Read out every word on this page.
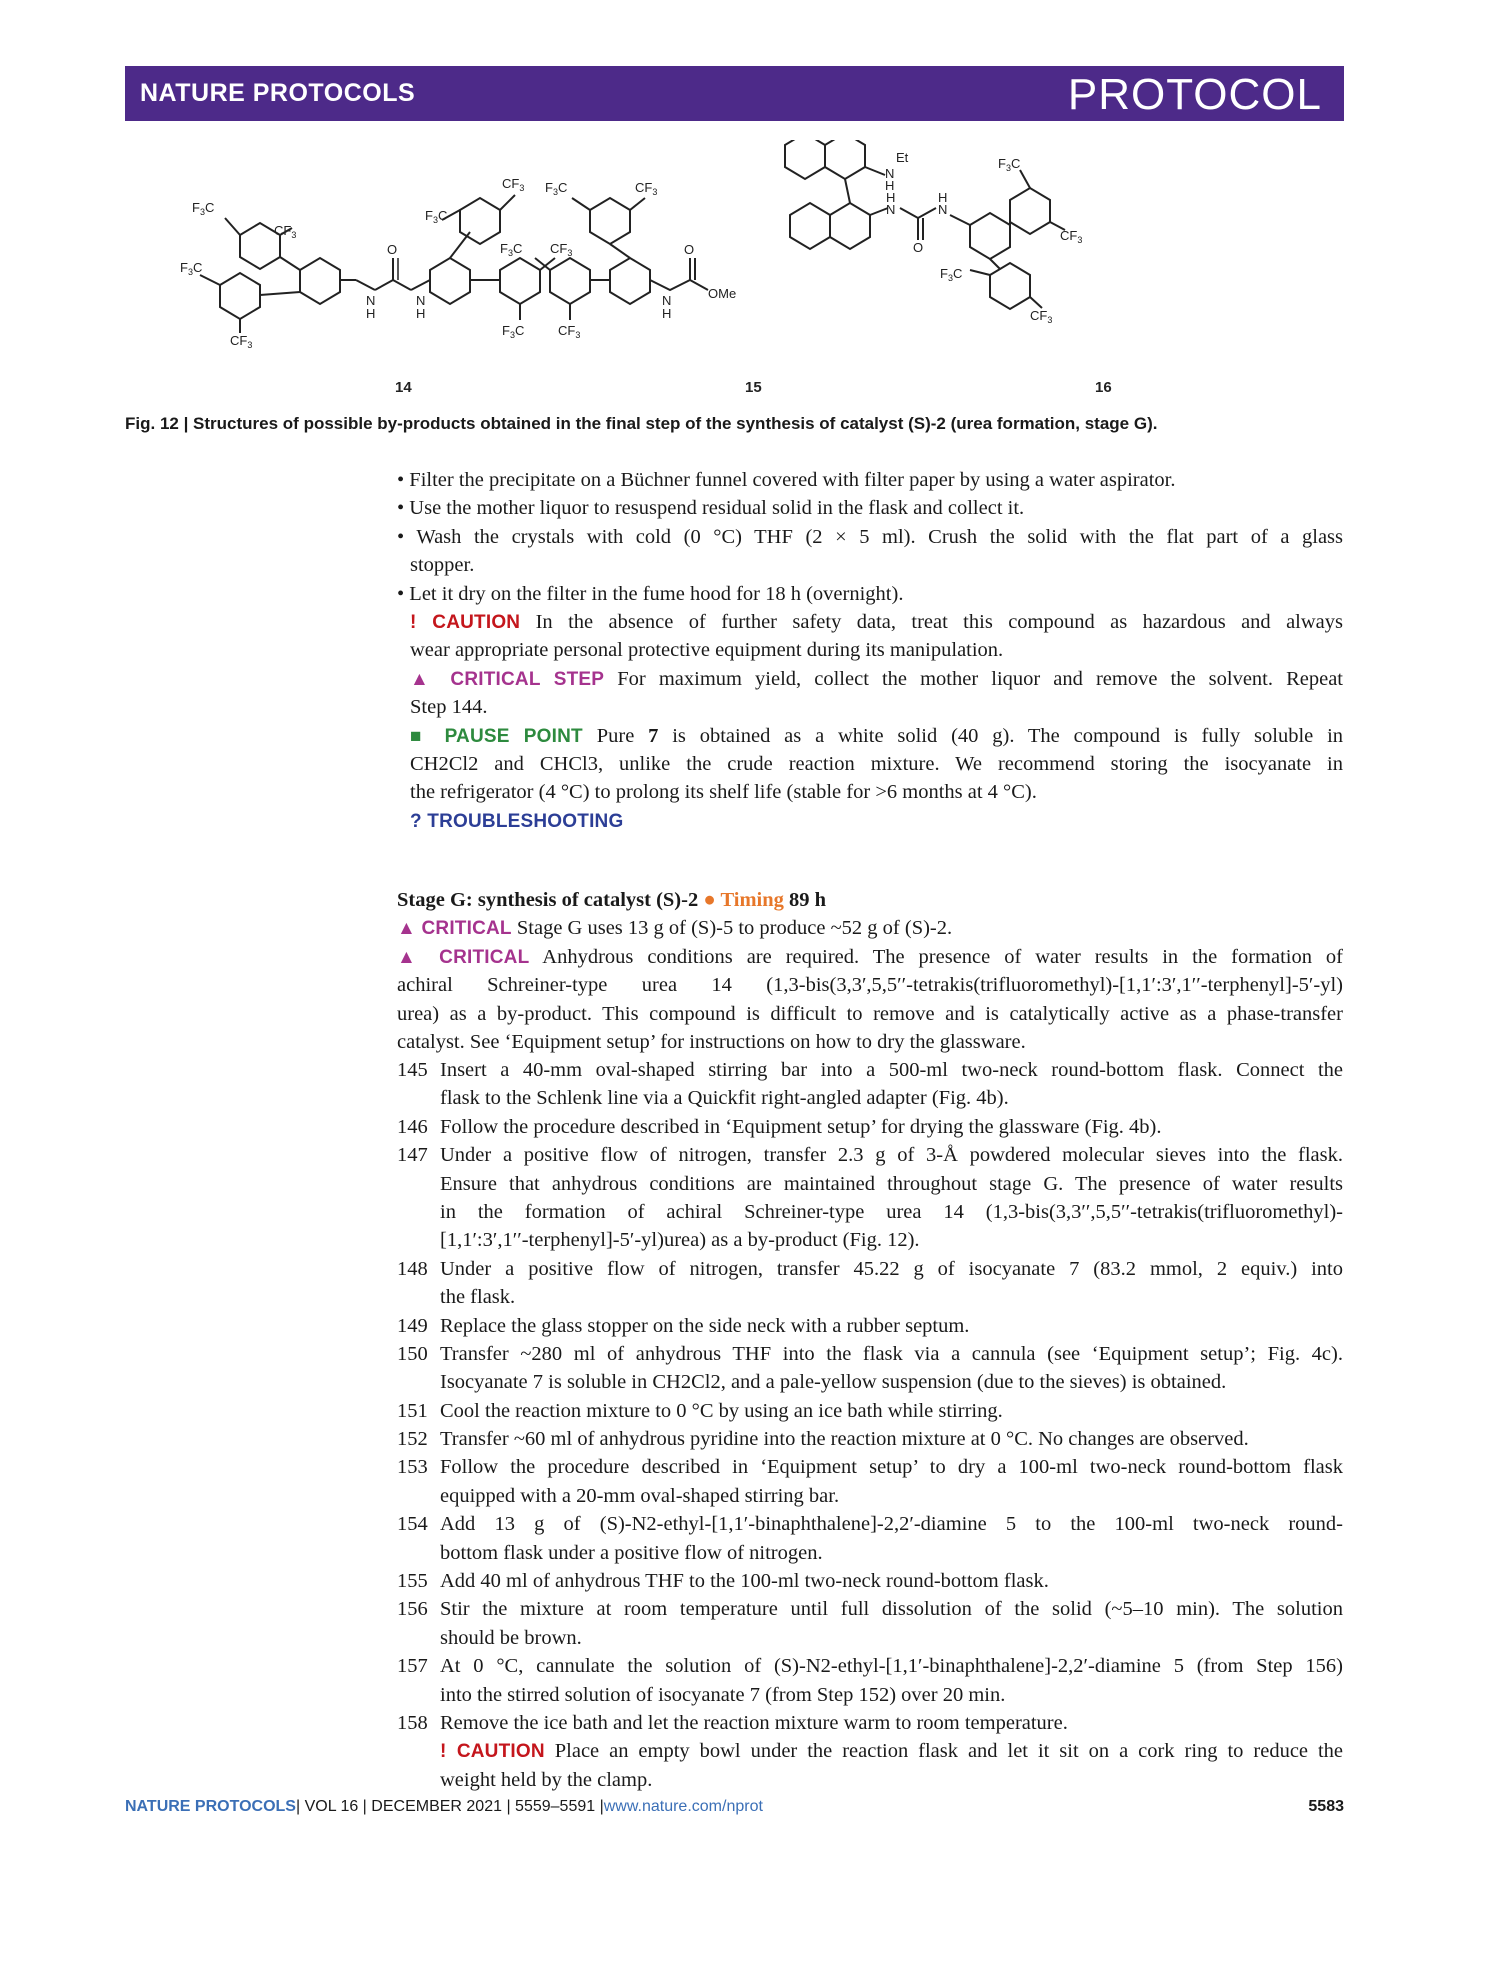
NATURE PROTOCOLS	PROTOCOL
$F_3C$
$CF_3$
$F_3C$
$CF_3$
O
N
H
N
H
$F_3C$
$CF_3$
$CF_3$
$F_3C$
$F_3C$	$CF_3$
$F_3C$
$CF_3$
O
N
H
OMe
N
H
Et
H
N
H
N
O
$F_3C$
$CF_3$
$F_3C$
$CF_3$
14	15	16
Fig. 12 | Structures of possible by-products obtained in the final step of the synthesis of catalyst (S)-2 (urea formation, stage G).
• Filter the precipitate on a Büchner funnel covered with filter paper by using a water aspirator.
• Use the mother liquor to resuspend residual solid in the flask and collect it.
• Wash the crystals with cold (0 °C) THF (2 × 5 ml). Crush the solid with the flat part of a glass
stopper.
• Let it dry on the filter in the fume hood for 18 h (overnight).
! CAUTION In the absence of further safety data, treat this compound as hazardous and always
wear appropriate personal protective equipment during its manipulation.
▲ CRITICAL STEP For maximum yield, collect the mother liquor and remove the solvent. Repeat
Step 144.
■ PAUSE POINT Pure 7 is obtained as a white solid (40 g). The compound is fully soluble in
CH2Cl2 and CHCl3, unlike the crude reaction mixture. We recommend storing the isocyanate in
the refrigerator (4 °C) to prolong its shelf life (stable for >6 months at 4 °C).
? TROUBLESHOOTING
Stage G: synthesis of catalyst (S)-2 ● Timing 89 h
▲ CRITICAL Stage G uses 13 g of (S)-5 to produce ~52 g of (S)-2.
▲ CRITICAL Anhydrous conditions are required. The presence of water results in the formation of
achiral Schreiner-type urea 14 (1,3-bis(3,3′,5,5′′-tetrakis(trifluoromethyl)-[1,1′:3′,1′′-terphenyl]-5′-yl)
urea) as a by-product. This compound is difficult to remove and is catalytically active as a phase-transfer
catalyst. See ‘Equipment setup’ for instructions on how to dry the glassware.
145 Insert a 40-mm oval-shaped stirring bar into a 500-ml two-neck round-bottom flask. Connect the
flask to the Schlenk line via a Quickfit right-angled adapter (Fig. 4b).
146 Follow the procedure described in ‘Equipment setup’ for drying the glassware (Fig. 4b).
147 Under a positive flow of nitrogen, transfer 2.3 g of 3-Å powdered molecular sieves into the flask.
Ensure that anhydrous conditions are maintained throughout stage G. The presence of water results
in the formation of achiral Schreiner-type urea 14 (1,3-bis(3,3′′,5,5′′-tetrakis(trifluoromethyl)-
[1,1′:3′,1′′-terphenyl]-5′-yl)urea) as a by-product (Fig. 12).
148 Under a positive flow of nitrogen, transfer 45.22 g of isocyanate 7 (83.2 mmol, 2 equiv.) into
the flask.
149 Replace the glass stopper on the side neck with a rubber septum.
150 Transfer ~280 ml of anhydrous THF into the flask via a cannula (see ‘Equipment setup’; Fig. 4c).
Isocyanate 7 is soluble in CH2Cl2, and a pale-yellow suspension (due to the sieves) is obtained.
151 Cool the reaction mixture to 0 °C by using an ice bath while stirring.
152 Transfer ~60 ml of anhydrous pyridine into the reaction mixture at 0 °C. No changes are observed.
153 Follow the procedure described in ‘Equipment setup’ to dry a 100-ml two-neck round-bottom flask
equipped with a 20-mm oval-shaped stirring bar.
154 Add 13 g of (S)-N2-ethyl-[1,1′-binaphthalene]-2,2′-diamine 5 to the 100-ml two-neck round-
bottom flask under a positive flow of nitrogen.
155 Add 40 ml of anhydrous THF to the 100-ml two-neck round-bottom flask.
156 Stir the mixture at room temperature until full dissolution of the solid (~5–10 min). The solution
should be brown.
157 At 0 °C, cannulate the solution of (S)-N2-ethyl-[1,1′-binaphthalene]-2,2′-diamine 5 (from Step 156)
into the stirred solution of isocyanate 7 (from Step 152) over 20 min.
158 Remove the ice bath and let the reaction mixture warm to room temperature.
! CAUTION Place an empty bowl under the reaction flask and let it sit on a cork ring to reduce the
weight held by the clamp.
NATURE PROTOCOLS| VOL 16 | DECEMBER 2021 | 5559–5591 |www.nature.com/nprot	5583
